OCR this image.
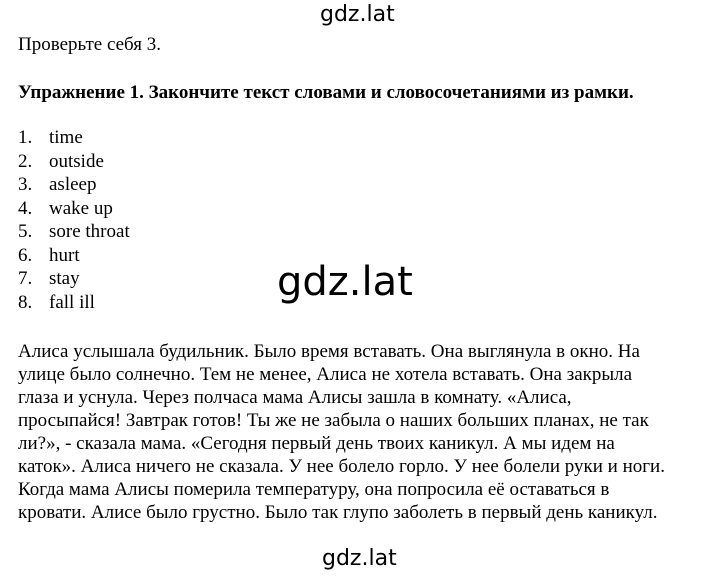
gdz.lat
Проверьте себя 3.
Упражнение 1. Закончите текст словами и словосочетаниями из рамки.
1. time
2. outside
3. asleep
4. wake up
5. sore throat
6. hurt
7. stay
8. fall ill	gdz.lat
Алиса услышала будильник. Было время вставать. Она выглянула в окно. На
улице было солнечно. Тем не менее, Алиса не хотела вставать. Она закрыла
глаза и уснула. Через полчаса мама Алисы зашла в комнату. «Алиса,
просыпайся! Завтрак готов! Ты же не забыла о наших больших планах, не так
ли?», - сказала мама. «Сегодня первый день твоих каникул. А мы идем на
каток». Алиса ничего не сказала. У нее болело горло. У нее болели руки и ноги.
Когда мама Алисы померила температуру, она попросила её оставаться в
кровати. Алисе было грустно. Было так глупо заболеть в первый день каникул.
gdz.lat
